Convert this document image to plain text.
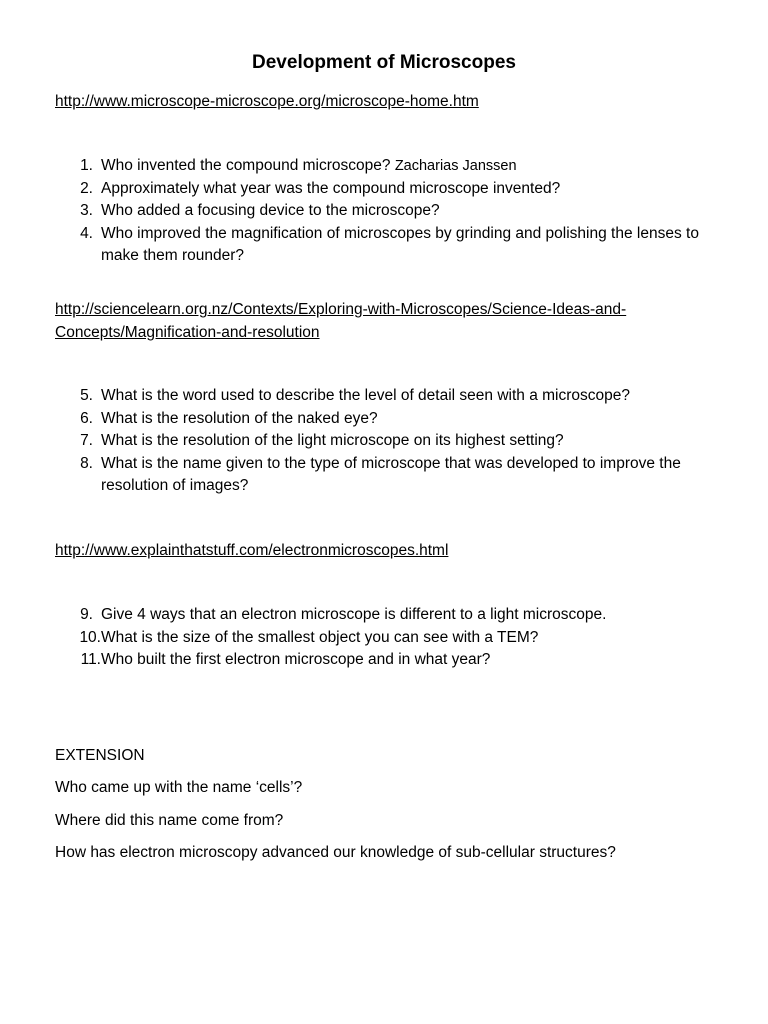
Development of Microscopes
http://www.microscope-microscope.org/microscope-home.htm
1. Who invented the compound microscope? Zacharias Janssen
2. Approximately what year was the compound microscope invented?
3. Who added a focusing device to the microscope?
4. Who improved the magnification of microscopes by grinding and polishing the lenses to make them rounder?
http://sciencelearn.org.nz/Contexts/Exploring-with-Microscopes/Science-Ideas-and-
Concepts/Magnification-and-resolution
5. What is the word used to describe the level of detail seen with a microscope?
6. What is the resolution of the naked eye?
7. What is the resolution of the light microscope on its highest setting?
8. What is the name given to the type of microscope that was developed to improve the resolution of images?
http://www.explainthatstuff.com/electronmicroscopes.html
9. Give 4 ways that an electron microscope is different to a light microscope.
10. What is the size of the smallest object you can see with a TEM?
11. Who built the first electron microscope and in what year?
EXTENSION
Who came up with the name ‘cells’?
Where did this name come from?
How has electron microscopy advanced our knowledge of sub-cellular structures?
